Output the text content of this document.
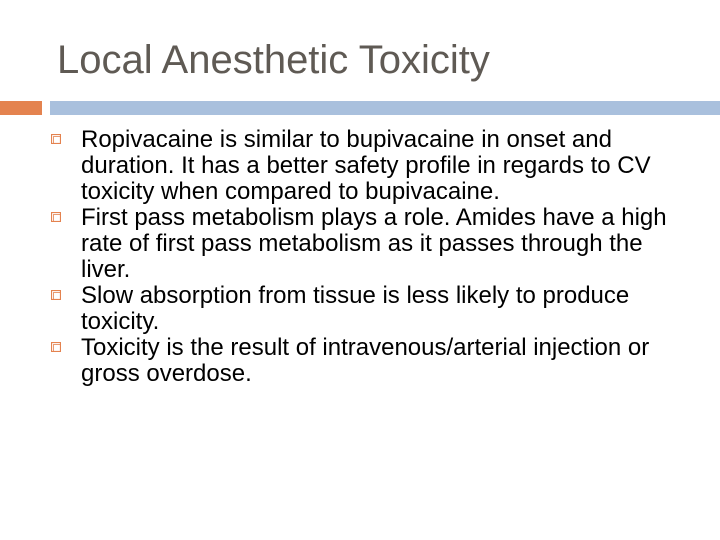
Local Anesthetic Toxicity
Ropivacaine is similar to bupivacaine in onset and duration. It has a better safety profile in regards to CV toxicity when compared to bupivacaine.
First pass metabolism plays a role. Amides have a high rate of first pass metabolism as it passes through the liver.
Slow absorption from tissue is less likely to produce toxicity.
Toxicity is the result of intravenous/arterial injection or gross overdose.
